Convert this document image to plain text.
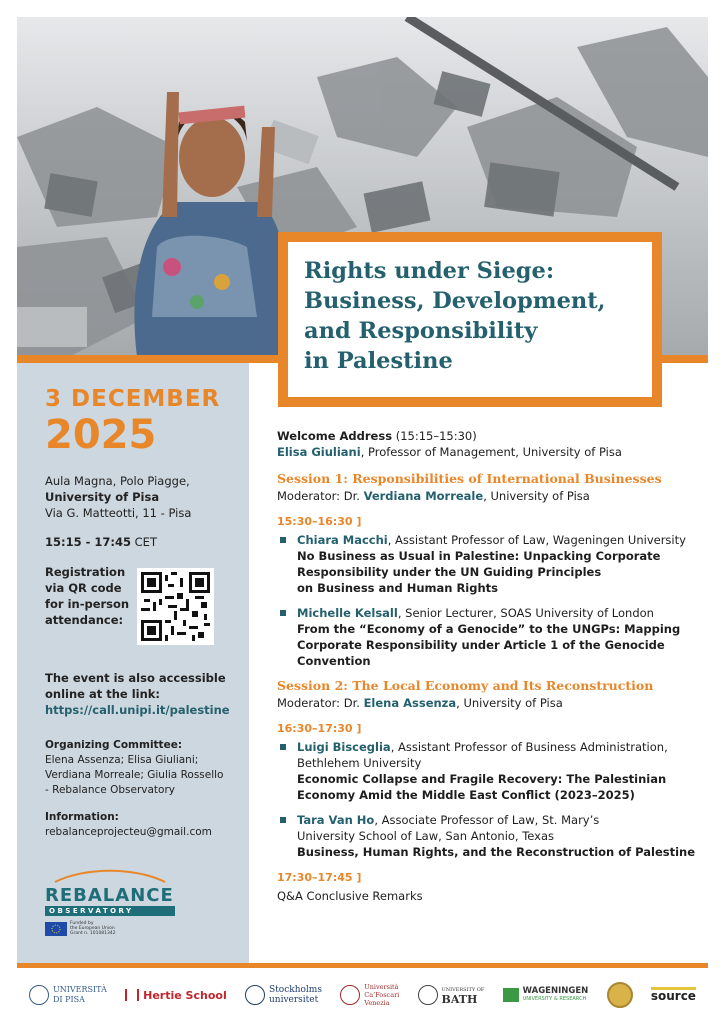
Rights under Siege:
Business, Development,
and Responsibility
in Palestine
3 DECEMBER
2025
Aula Magna, Polo Piagge,
University of Pisa
Via G. Matteotti, 11 - Pisa
15:15 - 17:45 CET
Registration
via QR code
for in-person
attendance:
The event is also accessible
online at the link:
https://call.unipi.it/palestine
Organizing Committee:
Elena Assenza; Elisa Giuliani;
Verdiana Morreale; Giulia Rossello
- Rebalance Observatory
Information:
rebalanceprojecteu@gmail.com
REBALANCE
OBSERVATORY
Funded by
the European Union
Grant n. 101081342
Welcome Address (15:15–15:30)
Elisa Giuliani, Professor of Management, University of Pisa
Session 1: Responsibilities of International Businesses
Moderator: Dr. Verdiana Morreale, University of Pisa
15:30–16:30 ]
Chiara Macchi, Assistant Professor of Law, Wageningen University
No Business as Usual in Palestine: Unpacking Corporate
Responsibility under the UN Guiding Principles
on Business and Human Rights
Michelle Kelsall, Senior Lecturer, SOAS University of London
From the “Economy of a Genocide” to the UNGPs: Mapping
Corporate Responsibility under Article 1 of the Genocide
Convention
Session 2: The Local Economy and Its Reconstruction
Moderator: Dr. Elena Assenza, University of Pisa
16:30–17:30 ]
Luigi Bisceglia, Assistant Professor of Business Administration,
Bethlehem University
Economic Collapse and Fragile Recovery: The Palestinian
Economy Amid the Middle East Conflict (2023–2025)
Tara Van Ho, Associate Professor of Law, St. Mary’s
University School of Law, San Antonio, Texas
Business, Human Rights, and the Reconstruction of Palestine
17:30–17:45 ]
Q&A Conclusive Remarks
UNIVERSITÀ
DI PISA	Hertie School	Stockholms
universitet
Università
Ca’Foscari
Venezia
UNIVERSITY OF
BATH
WAGENINGEN
UNIVERSITY & RESEARCH	source
